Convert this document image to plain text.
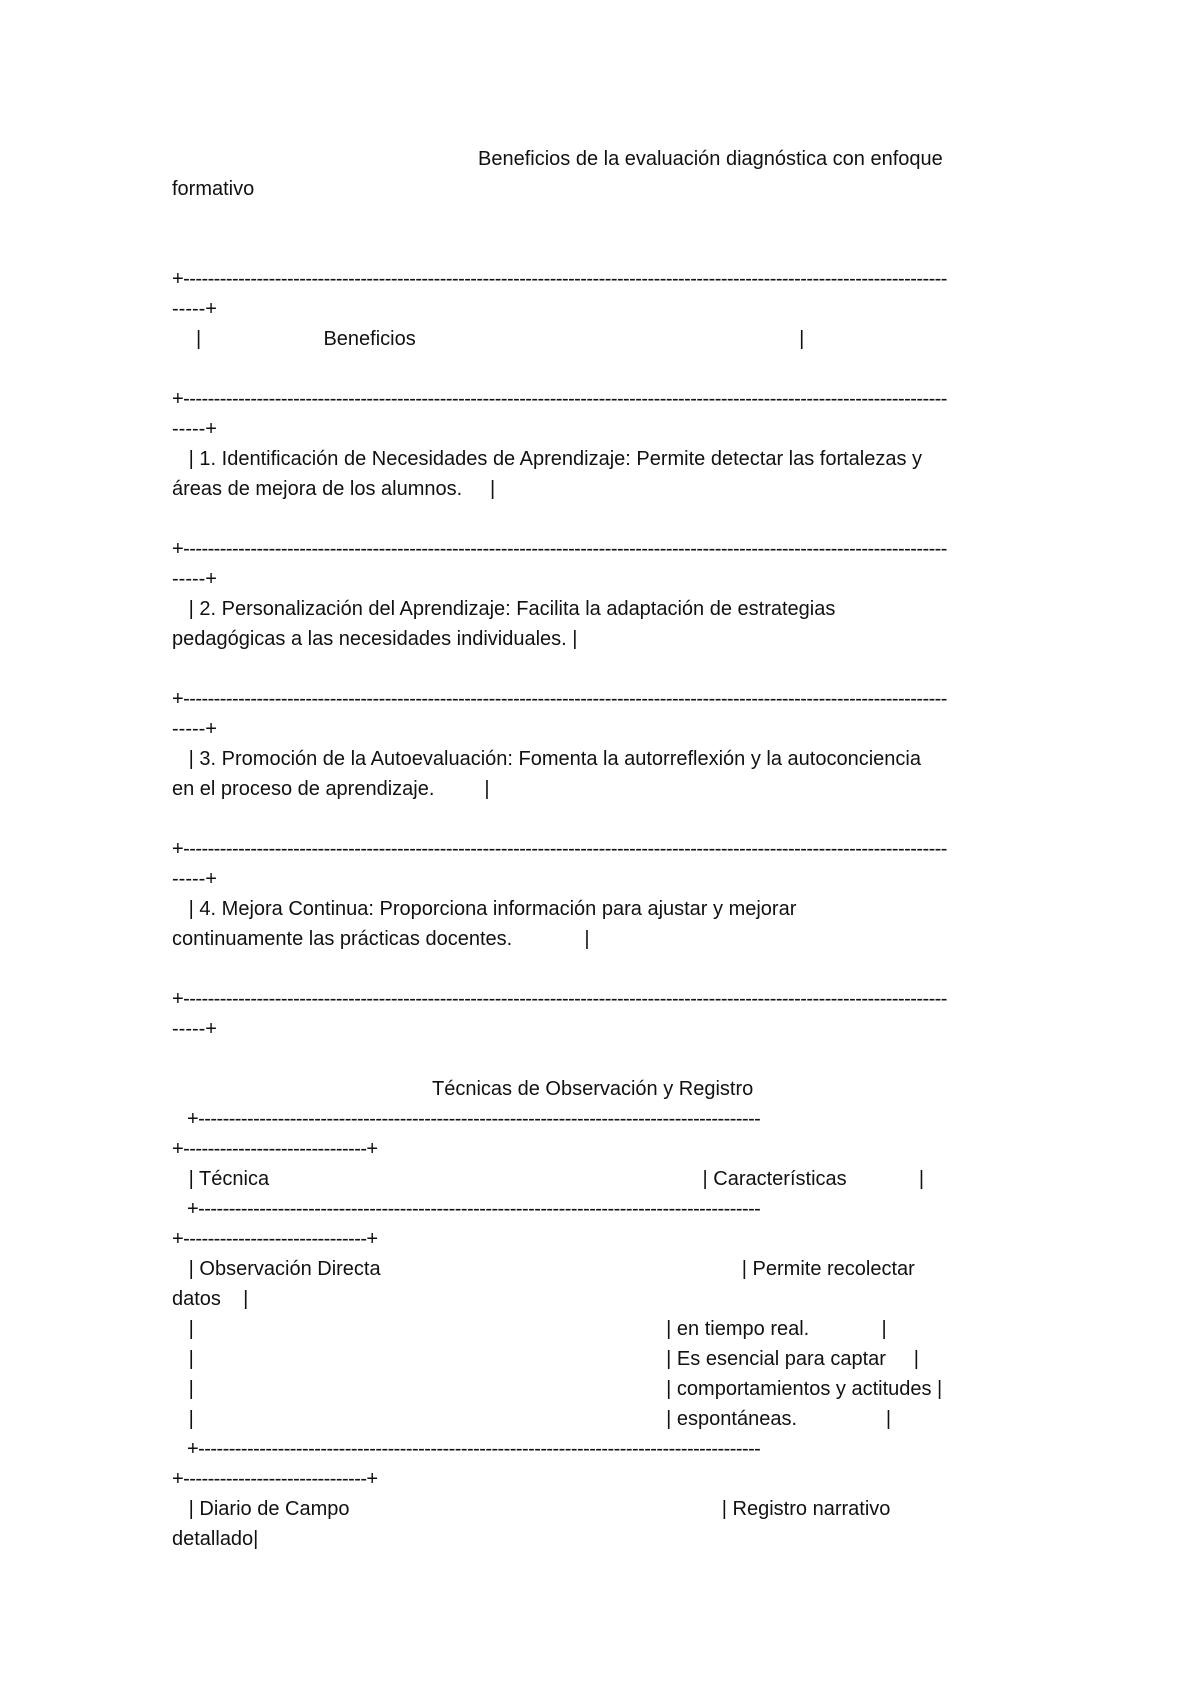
Beneficios de la evaluación diagnóstica con enfoque
formativo
+-----------------------------------------------------------------------------------------------------------------------------
-----+
|                      Beneficios                                                                     |
+-----------------------------------------------------------------------------------------------------------------------------
-----+
| 1. Identificación de Necesidades de Aprendizaje: Permite detectar las fortalezas y
áreas de mejora de los alumnos.     |
+-----------------------------------------------------------------------------------------------------------------------------
-----+
| 2. Personalización del Aprendizaje: Facilita la adaptación de estrategias
pedagógicas a las necesidades individuales. |
+-----------------------------------------------------------------------------------------------------------------------------
-----+
| 3. Promoción de la Autoevaluación: Fomenta la autorreflexión y la autoconciencia
en el proceso de aprendizaje.         |
+-----------------------------------------------------------------------------------------------------------------------------
-----+
| 4. Mejora Continua: Proporciona información para ajustar y mejorar
continuamente las prácticas docentes.             |
+-----------------------------------------------------------------------------------------------------------------------------
-----+
Técnicas de Observación y Registro
+--------------------------------------------------------------------------------------------
+------------------------------+
| Técnica                                                                              | Características             |
+--------------------------------------------------------------------------------------------
+------------------------------+
| Observación Directa                                                                 | Permite recolectar
datos    |
|                                                                                     | en tiempo real.             |
|                                                                                     | Es esencial para captar     |
|                                                                                     | comportamientos y actitudes |
|                                                                                     | espontáneas.                |
+--------------------------------------------------------------------------------------------
+------------------------------+
| Diario de Campo                                                                   | Registro narrativo
detallado|
